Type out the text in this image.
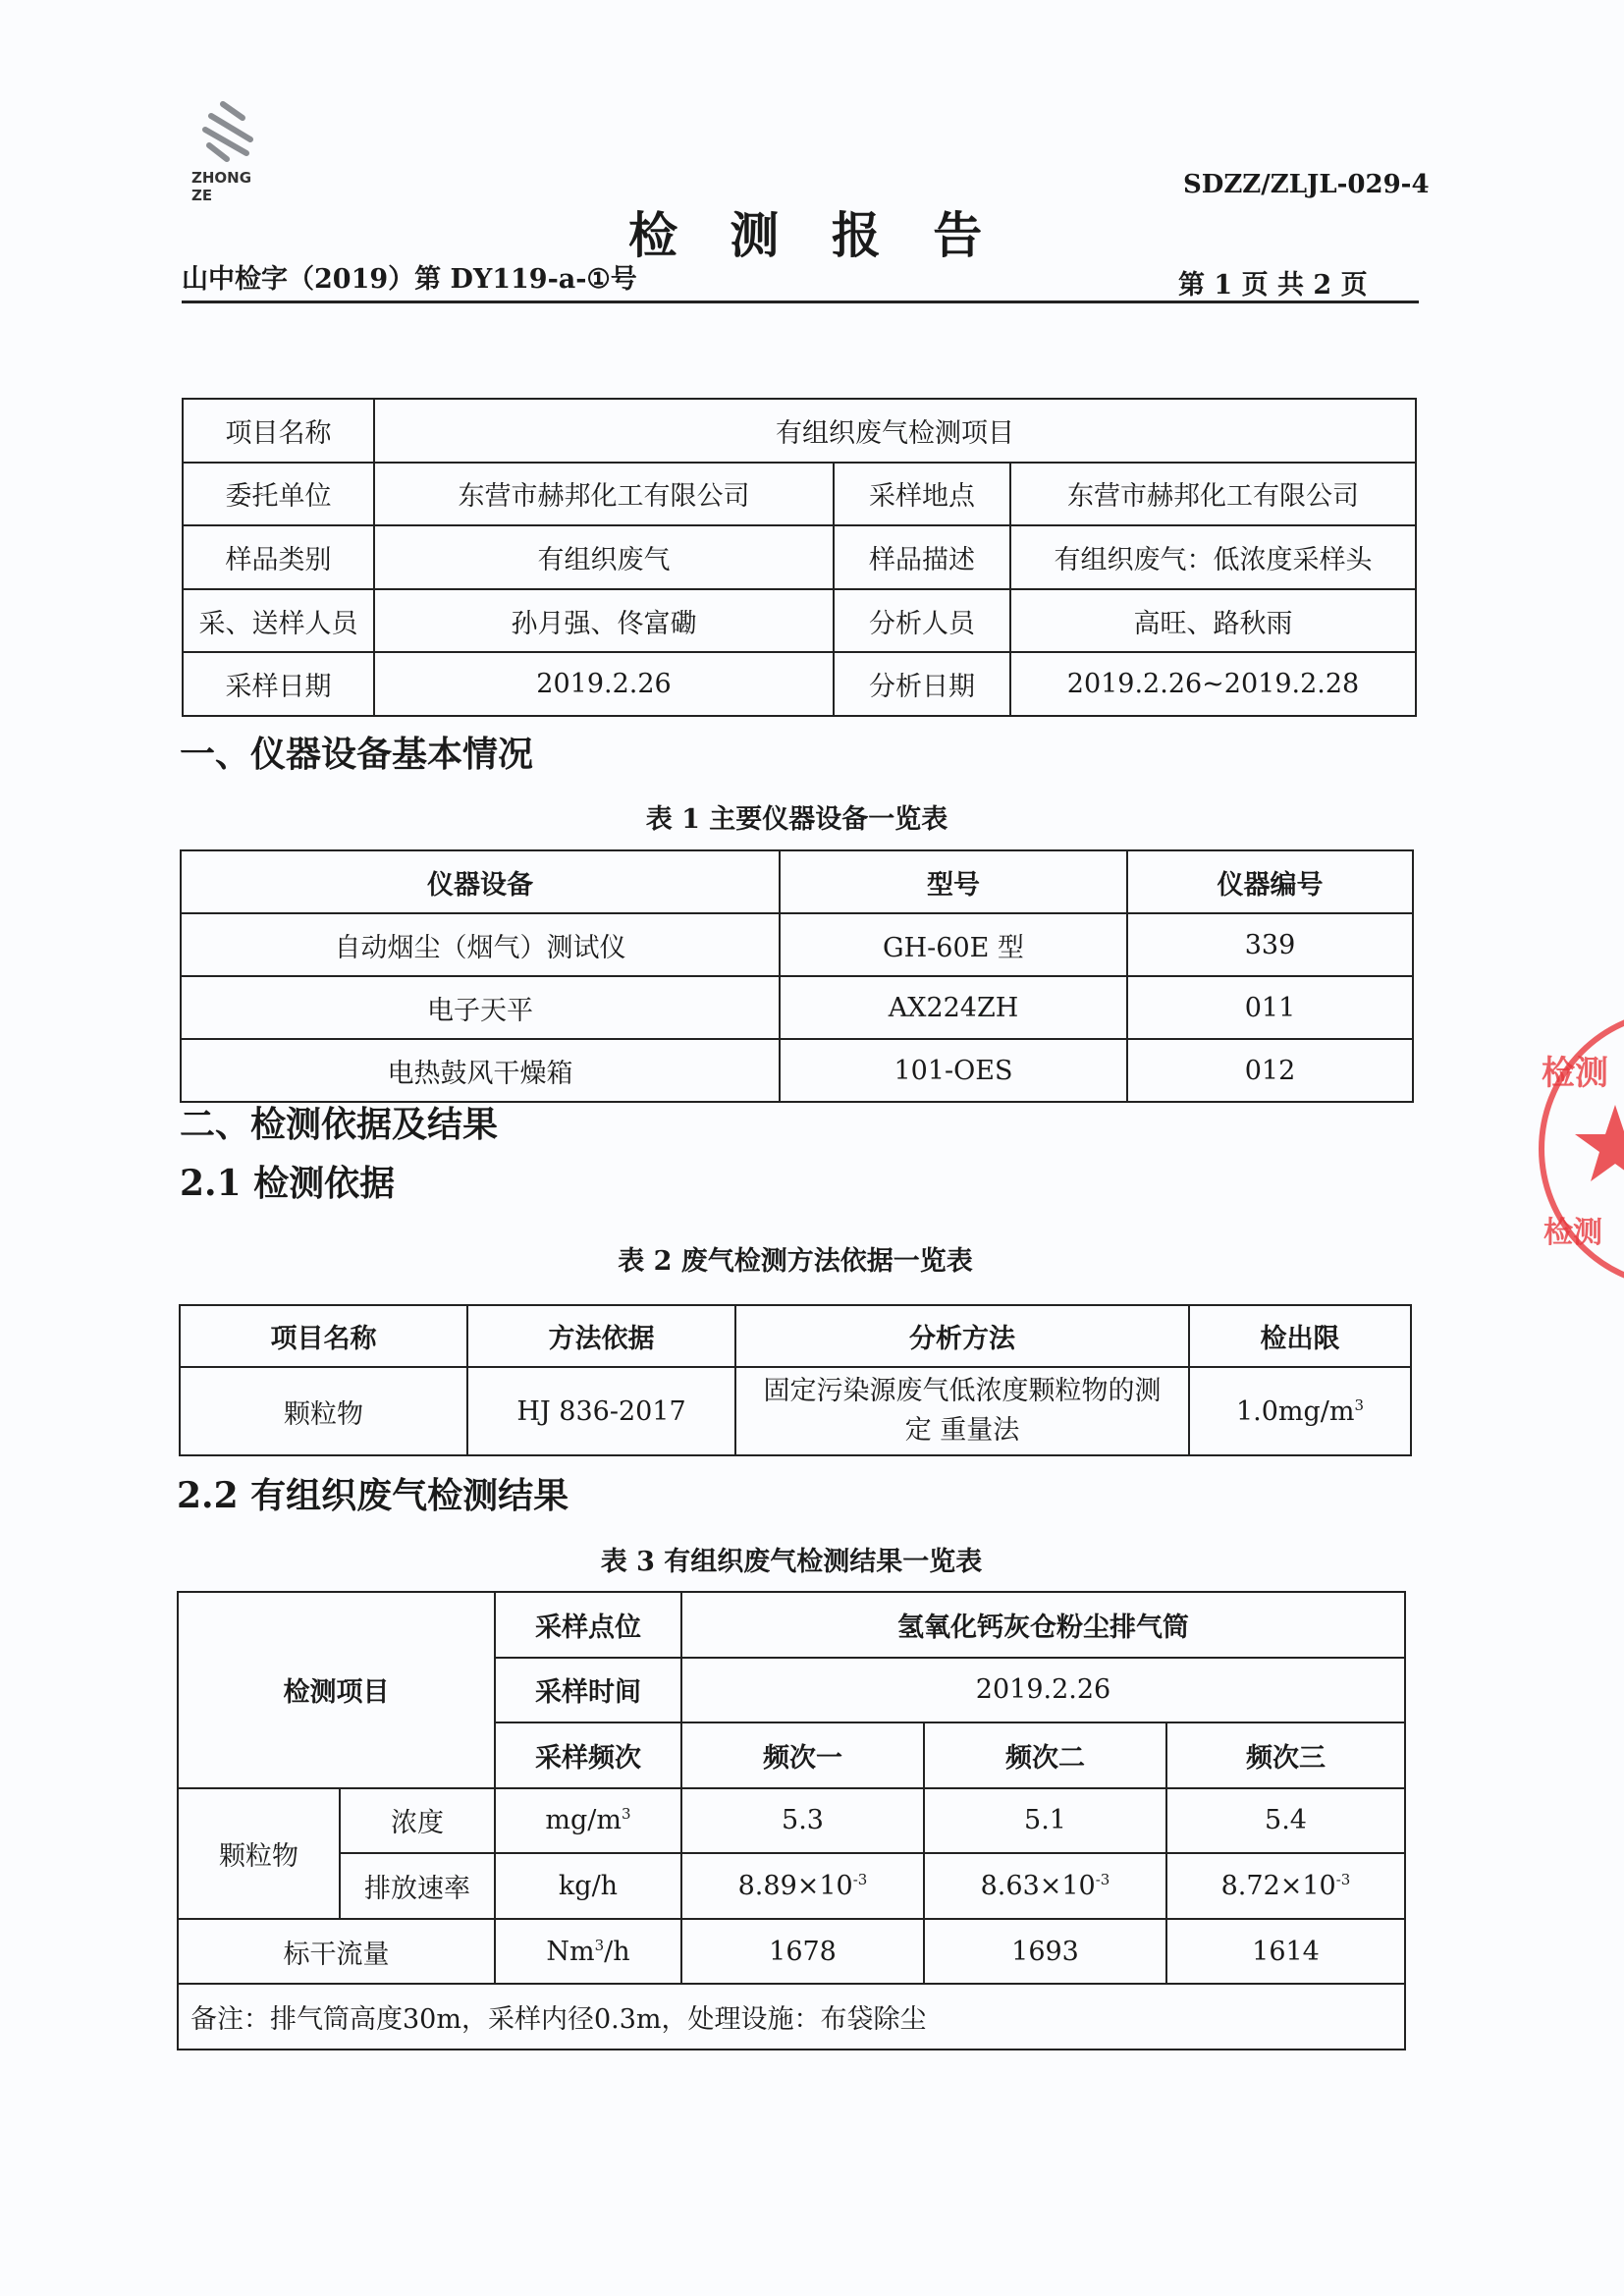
ZHONG ZE	SDZZ/ZLJL-029-4
检 测 报 告
山中检字（2019）第 DY119-a-①号	第 1 页 共 2 页
项目名称	有组织废气检测项目		
委托单位	东营市赫邦化工有限公司	采样地点	东营市赫邦化工有限公司
样品类别	有组织废气	样品描述	有组织废气：低浓度采样头
采、送样人员	孙月强、佟富磡	分析人员	高旺、路秋雨
采样日期	2019.2.26	分析日期	2019.2.26~2019.2.28
一、仪器设备基本情况
表 1 主要仪器设备一览表
仪器设备	型号	仪器编号
自动烟尘（烟气）测试仪	GH-60E 型	339
电子天平	AX224ZH	011
电热鼓风干燥箱	101-OES	012
二、检测依据及结果
2.1 检测依据
表 2 废气检测方法依据一览表
项目名称	方法依据	分析方法	检出限
颗粒物	HJ 836-2017	固定污染源废气低浓度颗粒物的测定 重量法	$1.0mg/m^3$
2.2 有组织废气检测结果
表 3 有组织废气检测结果一览表
检测项目		采样点位	氢氧化钙灰仓粉尘排气筒		
		采样时间	2019.2.26		
		采样频次	频次一	频次二	频次三
颗粒物	浓度	$mg/m^3$	5.3	5.1	5.4
	排放速率	kg/h	$8.89\times 10^{-3}$	$8.63\times 10^{-3}$	$8.72\times 10^{-3}$
标干流量		Nm$^3$/h	1678	1693	1614
备注：排气筒高度30m，采样内径0.3m，处理设施：布袋除尘					
检测
检测
